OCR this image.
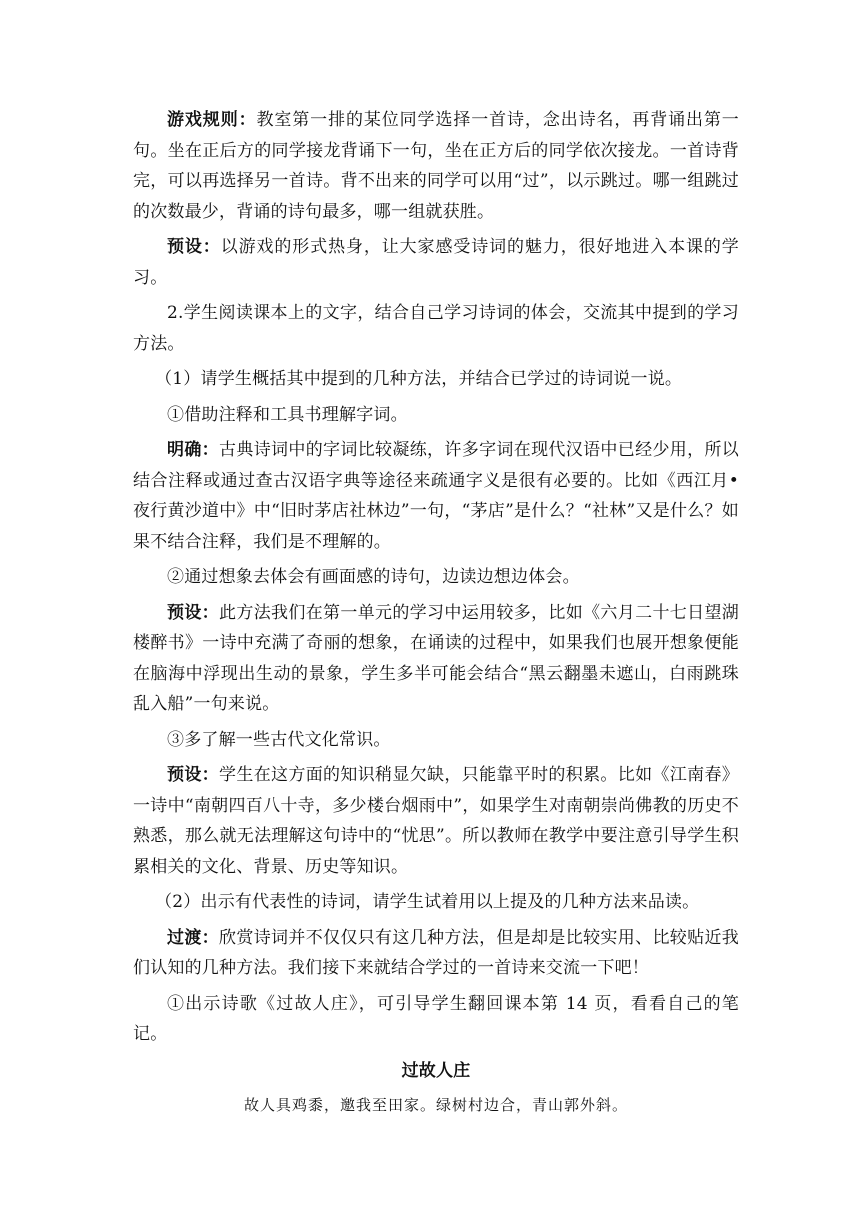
游戏规则：教室第一排的某位同学选择一首诗，念出诗名，再背诵出第一句。坐在正后方的同学接龙背诵下一句，坐在正方后的同学依次接龙。一首诗背完，可以再选择另一首诗。背不出来的同学可以用“过”，以示跳过。哪一组跳过的次数最少，背诵的诗句最多，哪一组就获胜。

预设：以游戏的形式热身，让大家感受诗词的魅力，很好地进入本课的学习。

2.学生阅读课本上的文字，结合自己学习诗词的体会，交流其中提到的学习方法。

（1）请学生概括其中提到的几种方法，并结合已学过的诗词说一说。

①借助注释和工具书理解字词。

明确：古典诗词中的字词比较凝练，许多字词在现代汉语中已经少用，所以结合注释或通过查古汉语字典等途径来疏通字义是很有必要的。比如《西江月•夜行黄沙道中》中“旧时茅店社林边”一句，“茅店”是什么？“社林”又是什么？如果不结合注释，我们是不理解的。

②通过想象去体会有画面感的诗句，边读边想边体会。

预设：此方法我们在第一单元的学习中运用较多，比如《六月二十七日望湖楼醉书》一诗中充满了奇丽的想象，在诵读的过程中，如果我们也展开想象便能在脑海中浮现出生动的景象，学生多半可能会结合“黑云翻墨未遮山，白雨跳珠乱入船”一句来说。

③多了解一些古代文化常识。

预设：学生在这方面的知识稍显欠缺，只能靠平时的积累。比如《江南春》一诗中“南朝四百八十寺，多少楼台烟雨中”，如果学生对南朝崇尚佛教的历史不熟悉，那么就无法理解这句诗中的“忧思”。所以教师在教学中要注意引导学生积累相关的文化、背景、历史等知识。

（2）出示有代表性的诗词，请学生试着用以上提及的几种方法来品读。

过渡：欣赏诗词并不仅仅只有这几种方法，但是却是比较实用、比较贴近我们认知的几种方法。我们接下来就结合学过的一首诗来交流一下吧！

①出示诗歌《过故人庄》，可引导学生翻回课本第 14 页，看看自己的笔记。

过故人庄

故人具鸡黍，邀我至田家。绿树村边合，青山郭外斜。
